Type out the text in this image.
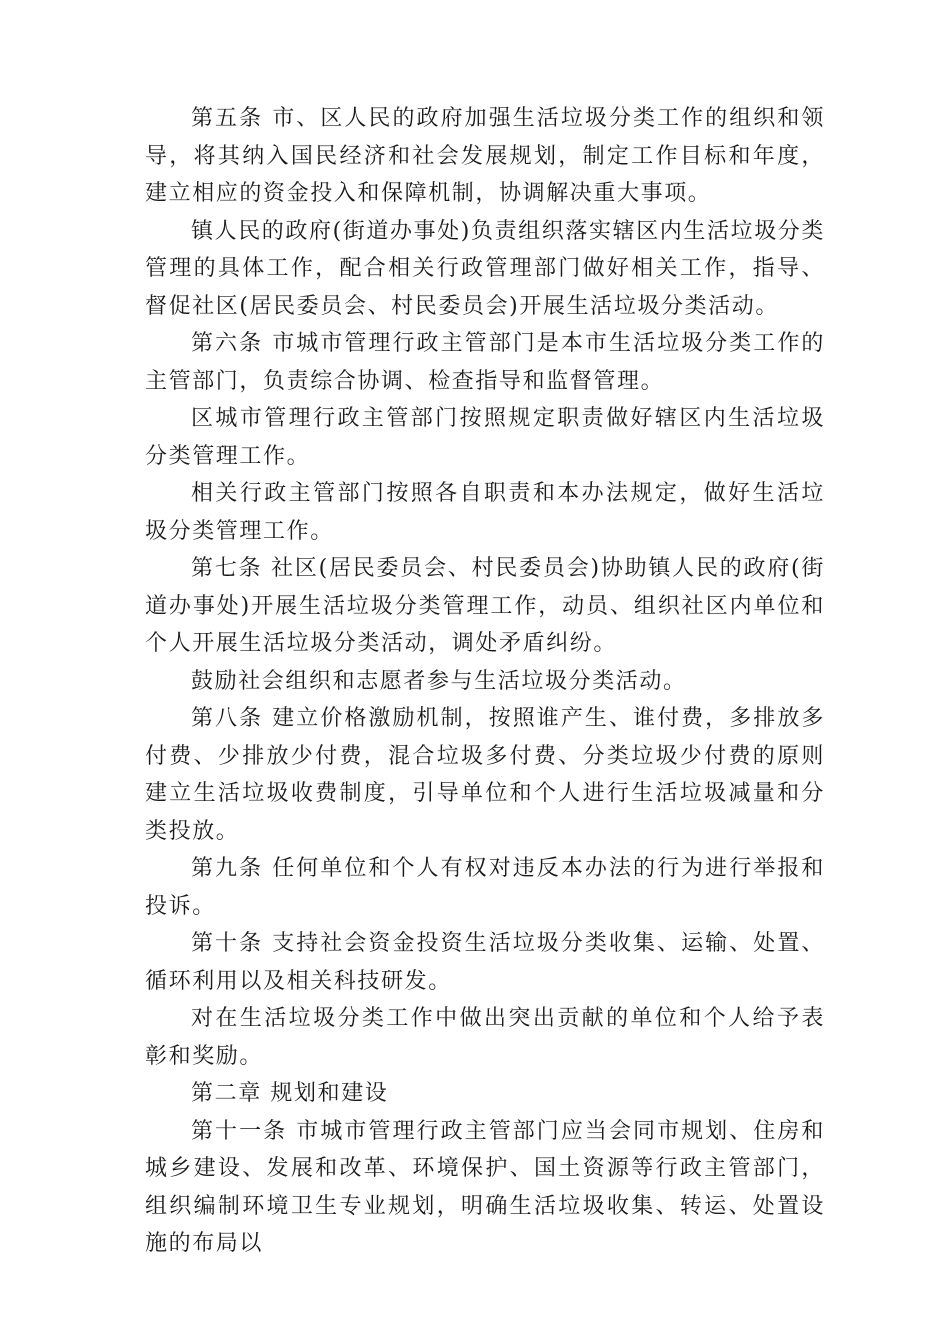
第五条 市、区人民的政府加强生活垃圾分类工作的组织和领导，将其纳入国民经济和社会发展规划，制定工作目标和年度，建立相应的资金投入和保障机制，协调解决重大事项。

镇人民的政府(街道办事处)负责组织落实辖区内生活垃圾分类管理的具体工作，配合相关行政管理部门做好相关工作，指导、督促社区(居民委员会、村民委员会)开展生活垃圾分类活动。

第六条 市城市管理行政主管部门是本市生活垃圾分类工作的主管部门，负责综合协调、检查指导和监督管理。

区城市管理行政主管部门按照规定职责做好辖区内生活垃圾分类管理工作。

相关行政主管部门按照各自职责和本办法规定，做好生活垃圾分类管理工作。

第七条 社区(居民委员会、村民委员会)协助镇人民的政府(街道办事处)开展生活垃圾分类管理工作，动员、组织社区内单位和个人开展生活垃圾分类活动，调处矛盾纠纷。

鼓励社会组织和志愿者参与生活垃圾分类活动。

第八条 建立价格激励机制，按照谁产生、谁付费，多排放多付费、少排放少付费，混合垃圾多付费、分类垃圾少付费的原则建立生活垃圾收费制度，引导单位和个人进行生活垃圾减量和分类投放。

第九条 任何单位和个人有权对违反本办法的行为进行举报和投诉。

第十条 支持社会资金投资生活垃圾分类收集、运输、处置、循环利用以及相关科技研发。

对在生活垃圾分类工作中做出突出贡献的单位和个人给予表彰和奖励。

第二章 规划和建设

第十一条 市城市管理行政主管部门应当会同市规划、住房和城乡建设、发展和改革、环境保护、国土资源等行政主管部门，组织编制环境卫生专业规划，明确生活垃圾收集、转运、处置设施的布局以
